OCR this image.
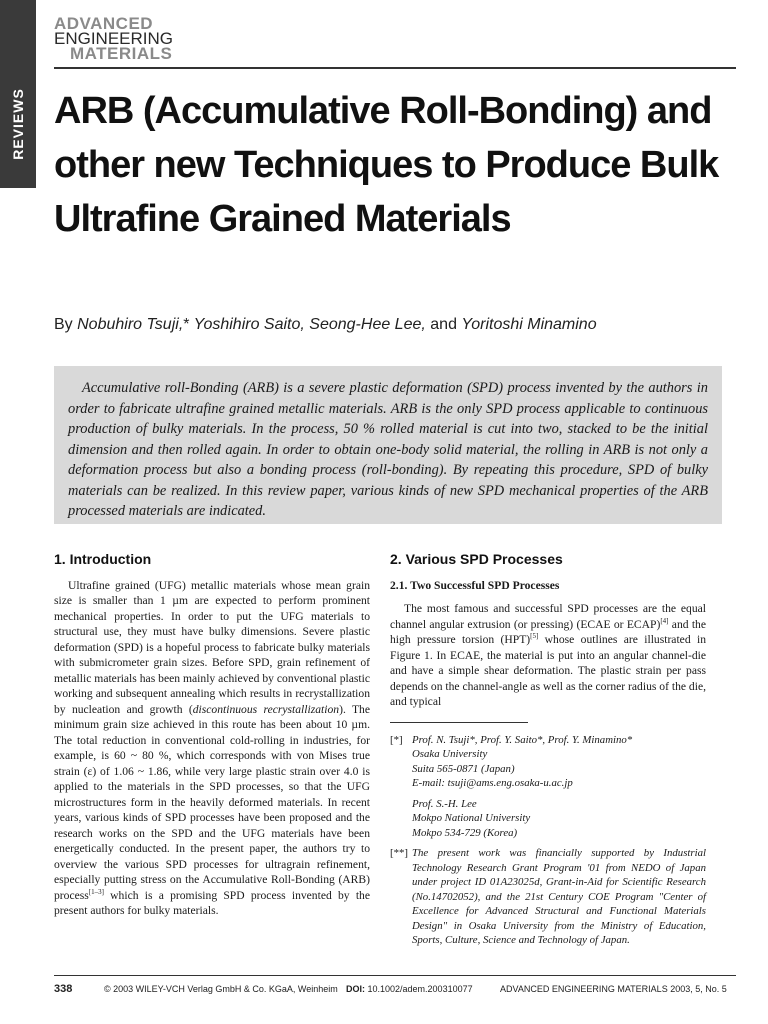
REVIEWS
ADVANCED
ENGINEERING
MATERIALS
ARB (Accumulative Roll-Bonding) and other new Techniques to Produce Bulk Ultrafine Grained Materials
By Nobuhiro Tsuji,* Yoshihiro Saito, Seong-Hee Lee, and Yoritoshi Minamino
Accumulative roll-Bonding (ARB) is a severe plastic deformation (SPD) process invented by the authors in order to fabricate ultrafine grained metallic materials. ARB is the only SPD process applicable to continuous production of bulky materials. In the process, 50 % rolled material is cut into two, stacked to be the initial dimension and then rolled again. In order to obtain one-body solid material, the rolling in ARB is not only a deformation process but also a bonding process (roll-bonding). By repeating this procedure, SPD of bulky materials can be realized. In this review paper, various kinds of new SPD mechanical properties of the ARB processed materials are indicated.
1. Introduction

Ultrafine grained (UFG) metallic materials whose mean grain size is smaller than 1 µm are expected to perform prominent mechanical properties. In order to put the UFG materials to structural use, they must have bulky dimensions. Severe plastic deformation (SPD) is a hopeful process to fabricate bulky materials with submicrometer grain sizes. Before SPD, grain refinement of metallic materials has been mainly achieved by conventional plastic working and subsequent annealing which results in recrystallization by nucleation and growth (discontinuous recrystallization). The minimum grain size achieved in this route has been about 10 µm. The total reduction in conventional cold-rolling in industries, for example, is 60 ~ 80 %, which corresponds with von Mises true strain (ε) of 1.06 ~ 1.86, while very large plastic strain over 4.0 is applied to the materials in the SPD processes, so that the UFG microstructures form in the heavily deformed materials. In recent years, various kinds of SPD processes have been proposed and the research works on the SPD and the UFG materials have been energetically conducted. In the present paper, the authors try to overview the various SPD processes for ultragrain refinement, especially putting stress on the Accumulative Roll-Bonding (ARB) process[1–3] which is a promising SPD process invented by the present authors for bulky materials.

2. Various SPD Processes
2.1. Two Successful SPD Processes

The most famous and successful SPD processes are the equal channel angular extrusion (or pressing) (ECAE or ECAP)[4] and the high pressure torsion (HPT)[5] whose outlines are illustrated in Figure 1. In ECAE, the material is put into an angular channel-die and have a simple shear deformation. The plastic strain per pass depends on the channel-angle as well as the corner radius of the die, and typical

[*] Prof. N. Tsuji*, Prof. Y. Saito*, Prof. Y. Minamino*
Osaka University
Suita 565-0871 (Japan)
E-mail: tsuji@ams.eng.osaka-u.ac.jp
Prof. S.-H. Lee
Mokpo National University
Mokpo 534-729 (Korea)
[**] The present work was financially supported by Industrial Technology Research Grant Program '01 from NEDO of Japan under project ID 01A23025d, Grant-in-Aid for Scientific Research (No.14702052), and the 21st Century COE Program "Center of Excellence for Advanced Structural and Functional Materials Design" in Osaka University from the Ministry of Education, Sports, Culture, Science and Technology of Japan.
338	© 2003 WILEY-VCH Verlag GmbH & Co. KGaA, Weinheim DOI: 10.1002/adem.200310077	ADVANCED ENGINEERING MATERIALS 2003, 5, No. 5
